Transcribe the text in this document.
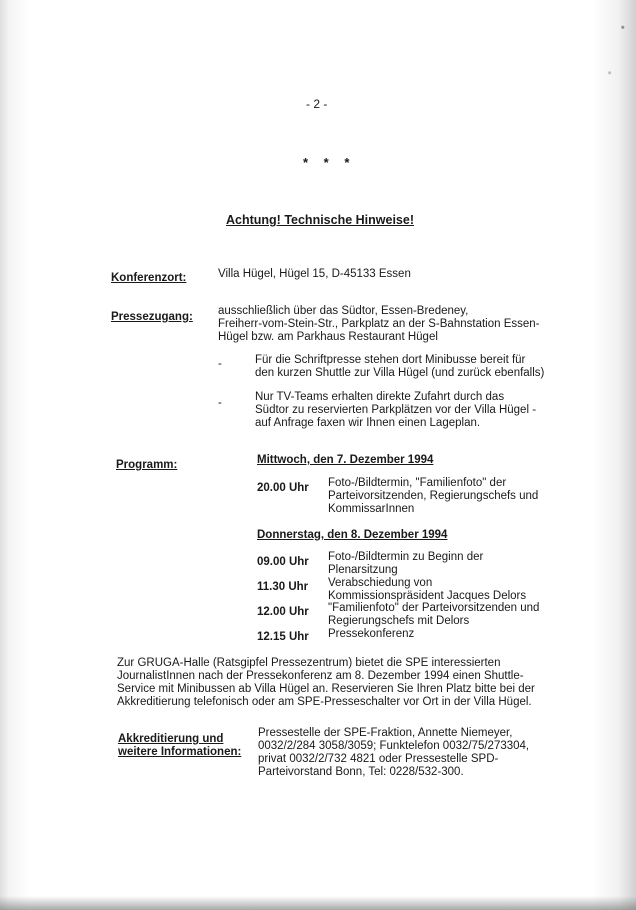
- 2 -
* * *
Achtung! Technische Hinweise!
Konferenzort:	Villa Hügel, Hügel 15, D-45133 Essen
Pressezugang: ausschließlich über das Südtor, Essen-Bredeney,
Freiherr-vom-Stein-Str., Parkplatz an der S-Bahnstation Essen-
Hügel bzw. am Parkhaus Restaurant Hügel
-	Für die Schriftpresse stehen dort Minibusse bereit für
den kurzen Shuttle zur Villa Hügel (und zurück ebenfalls)
-	Nur TV-Teams erhalten direkte Zufahrt durch das
Südtor zu reservierten Parkplätzen vor der Villa Hügel -
auf Anfrage faxen wir Ihnen einen Lageplan.
Programm:	Mittwoch, den 7. Dezember 1994
20.00 Uhr Foto-/Bildtermin, "Familienfoto" der
Parteivorsitzenden, Regierungschefs und
KommissarInnen
Donnerstag, den 8. Dezember 1994
09.00 Uhr Foto-/Bildtermin zu Beginn der
Plenarsitzung
11.30 Uhr Verabschiedung von
Kommissionspräsident Jacques Delors
12.00 Uhr "Familienfoto" der Parteivorsitzenden und
Regierungschefs mit Delors
12.15 Uhr Pressekonferenz
Zur GRUGA-Halle (Ratsgipfel Pressezentrum) bietet die SPE interessierten
JournalistInnen nach der Pressekonferenz am 8. Dezember 1994 einen Shuttle-
Service mit Minibussen ab Villa Hügel an. Reservieren Sie Ihren Platz bitte bei der
Akkreditierung telefonisch oder am SPE-Presseschalter vor Ort in der Villa Hügel.
Akkreditierung und
weitere Informationen:
Pressestelle der SPE-Fraktion, Annette Niemeyer,
0032/2/284 3058/3059; Funktelefon 0032/75/273304,
privat 0032/2/732 4821 oder Pressestelle SPD-
Parteivorstand Bonn, Tel: 0228/532-300.
